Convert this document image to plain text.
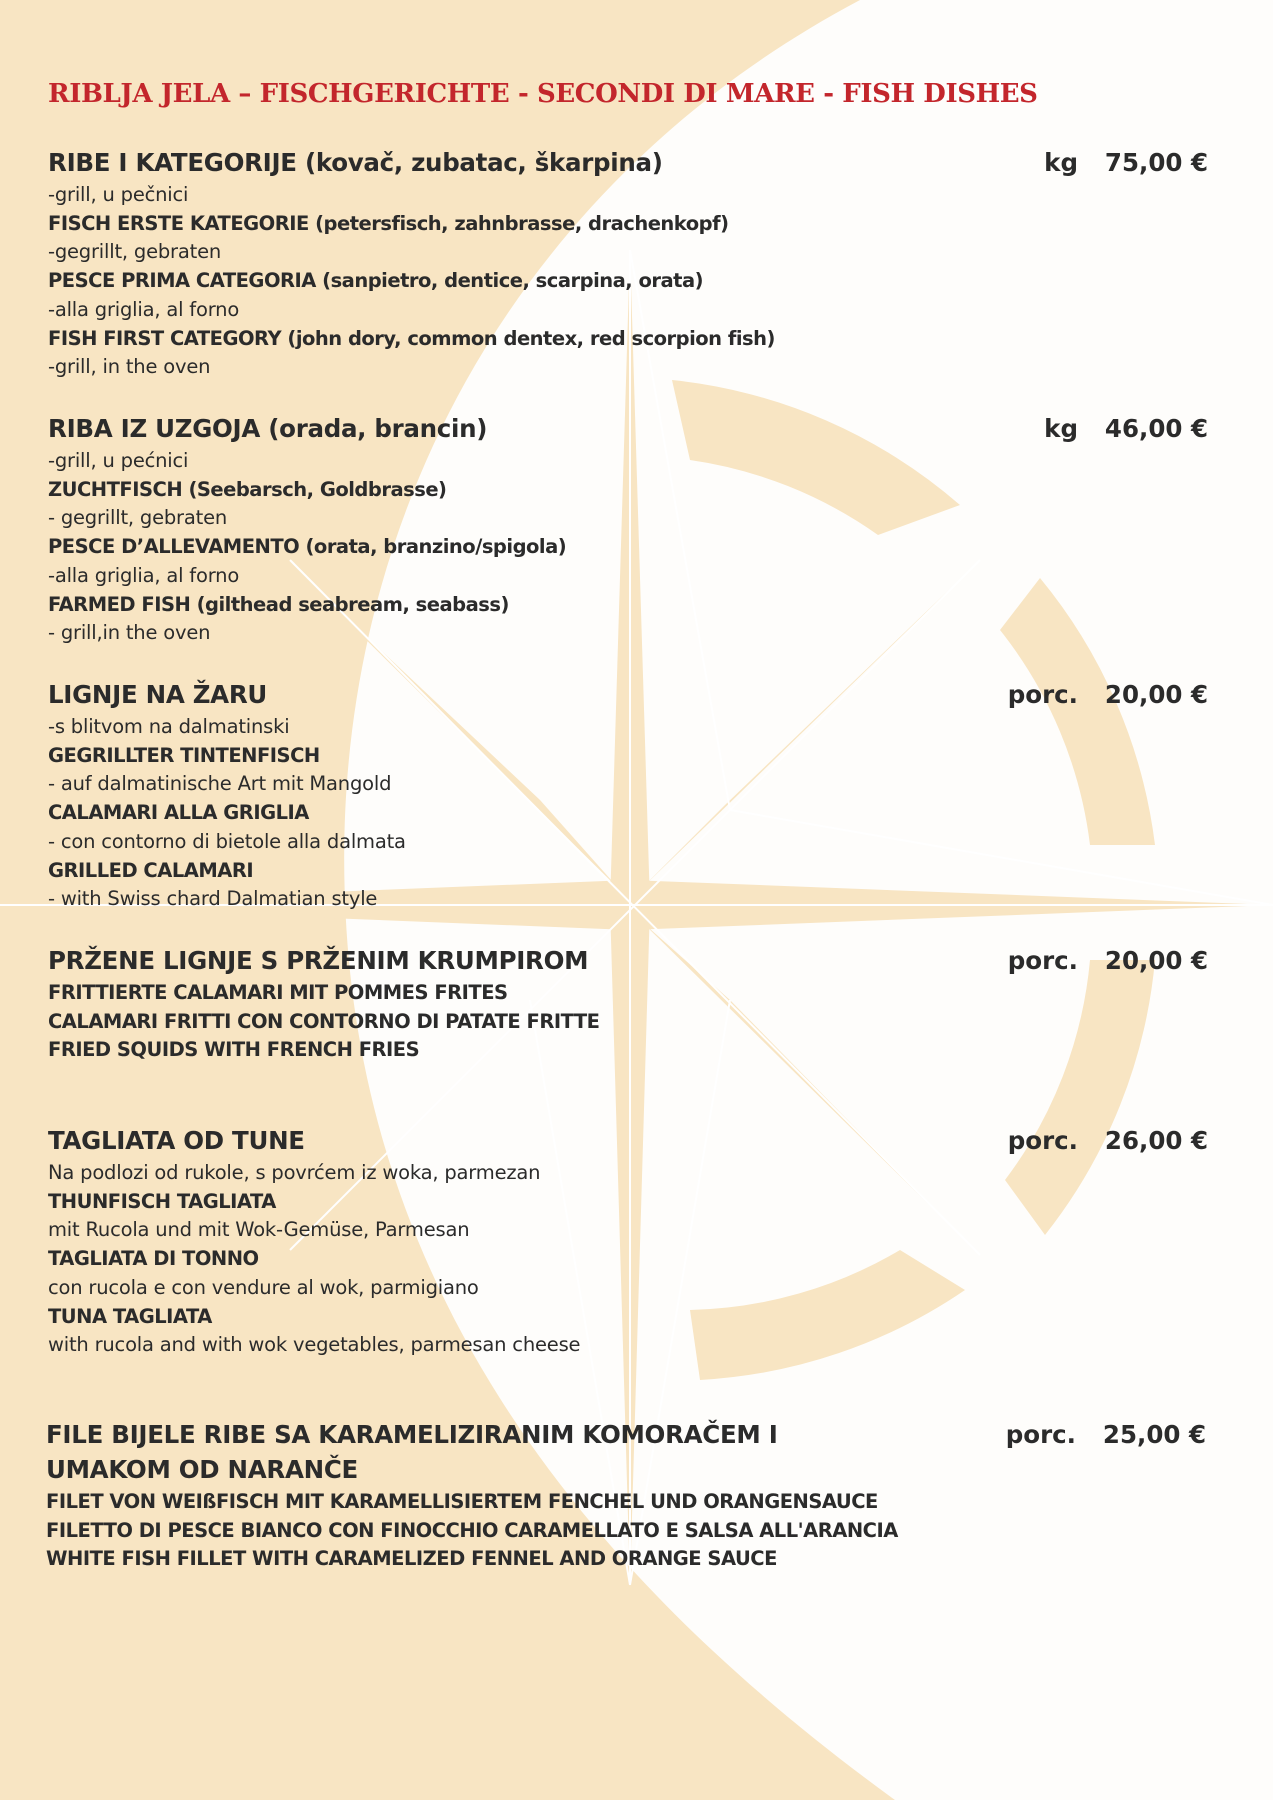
RIBLJA JELA – FISCHGERICHTE - SECONDI DI MARE - FISH DISHES
RIBE I KATEGORIJE (kovač, zubatac, škarpina)	kg	75,00 €
-grill, u pečnici
FISCH ERSTE KATEGORIE (petersfisch, zahnbrasse, drachenkopf)
-gegrillt, gebraten
PESCE PRIMA CATEGORIA (sanpietro, dentice, scarpina, orata)
-alla griglia, al forno
FISH FIRST CATEGORY (john dory, common dentex, red scorpion fish)
-grill, in the oven
RIBA IZ UZGOJA (orada, brancin)	kg	46,00 €
-grill, u pećnici
ZUCHTFISCH (Seebarsch, Goldbrasse)
- gegrillt, gebraten
PESCE D’ALLEVAMENTO (orata, branzino/spigola)
-alla griglia, al forno
FARMED FISH (gilthead seabream, seabass)
- grill,in the oven
LIGNJE NA ŽARU	porc.	20,00 €
-s blitvom na dalmatinski
GEGRILLTER TINTENFISCH
- auf dalmatinische Art mit Mangold
CALAMARI ALLA GRIGLIA
- con contorno di bietole alla dalmata
GRILLED CALAMARI
- with Swiss chard Dalmatian style
PRŽENE LIGNJE S PRŽENIM KRUMPIROM	porc.	20,00 €
FRITTIERTE CALAMARI MIT POMMES FRITES
CALAMARI FRITTI CON CONTORNO DI PATATE FRITTE
FRIED SQUIDS WITH FRENCH FRIES
TAGLIATA OD TUNE	porc.	26,00 €
Na podlozi od rukole, s povrćem iz woka, parmezan
THUNFISCH TAGLIATA
mit Rucola und mit Wok-Gemüse, Parmesan
TAGLIATA DI TONNO
con rucola e con vendure al wok, parmigiano
TUNA TAGLIATA
with rucola and with wok vegetables, parmesan cheese
FILE BIJELE RIBE SA KARAMELIZIRANIM KOMORAČEM I UMAKOM OD NARANČE
porc.	25,00 €
FILET VON WEIßFISCH MIT KARAMELLISIERTEM FENCHEL UND ORANGENSAUCE
FILETTO DI PESCE BIANCO CON FINOCCHIO CARAMELLATO E SALSA ALL'ARANCIA
WHITE FISH FILLET WITH CARAMELIZED FENNEL AND ORANGE SAUCE
